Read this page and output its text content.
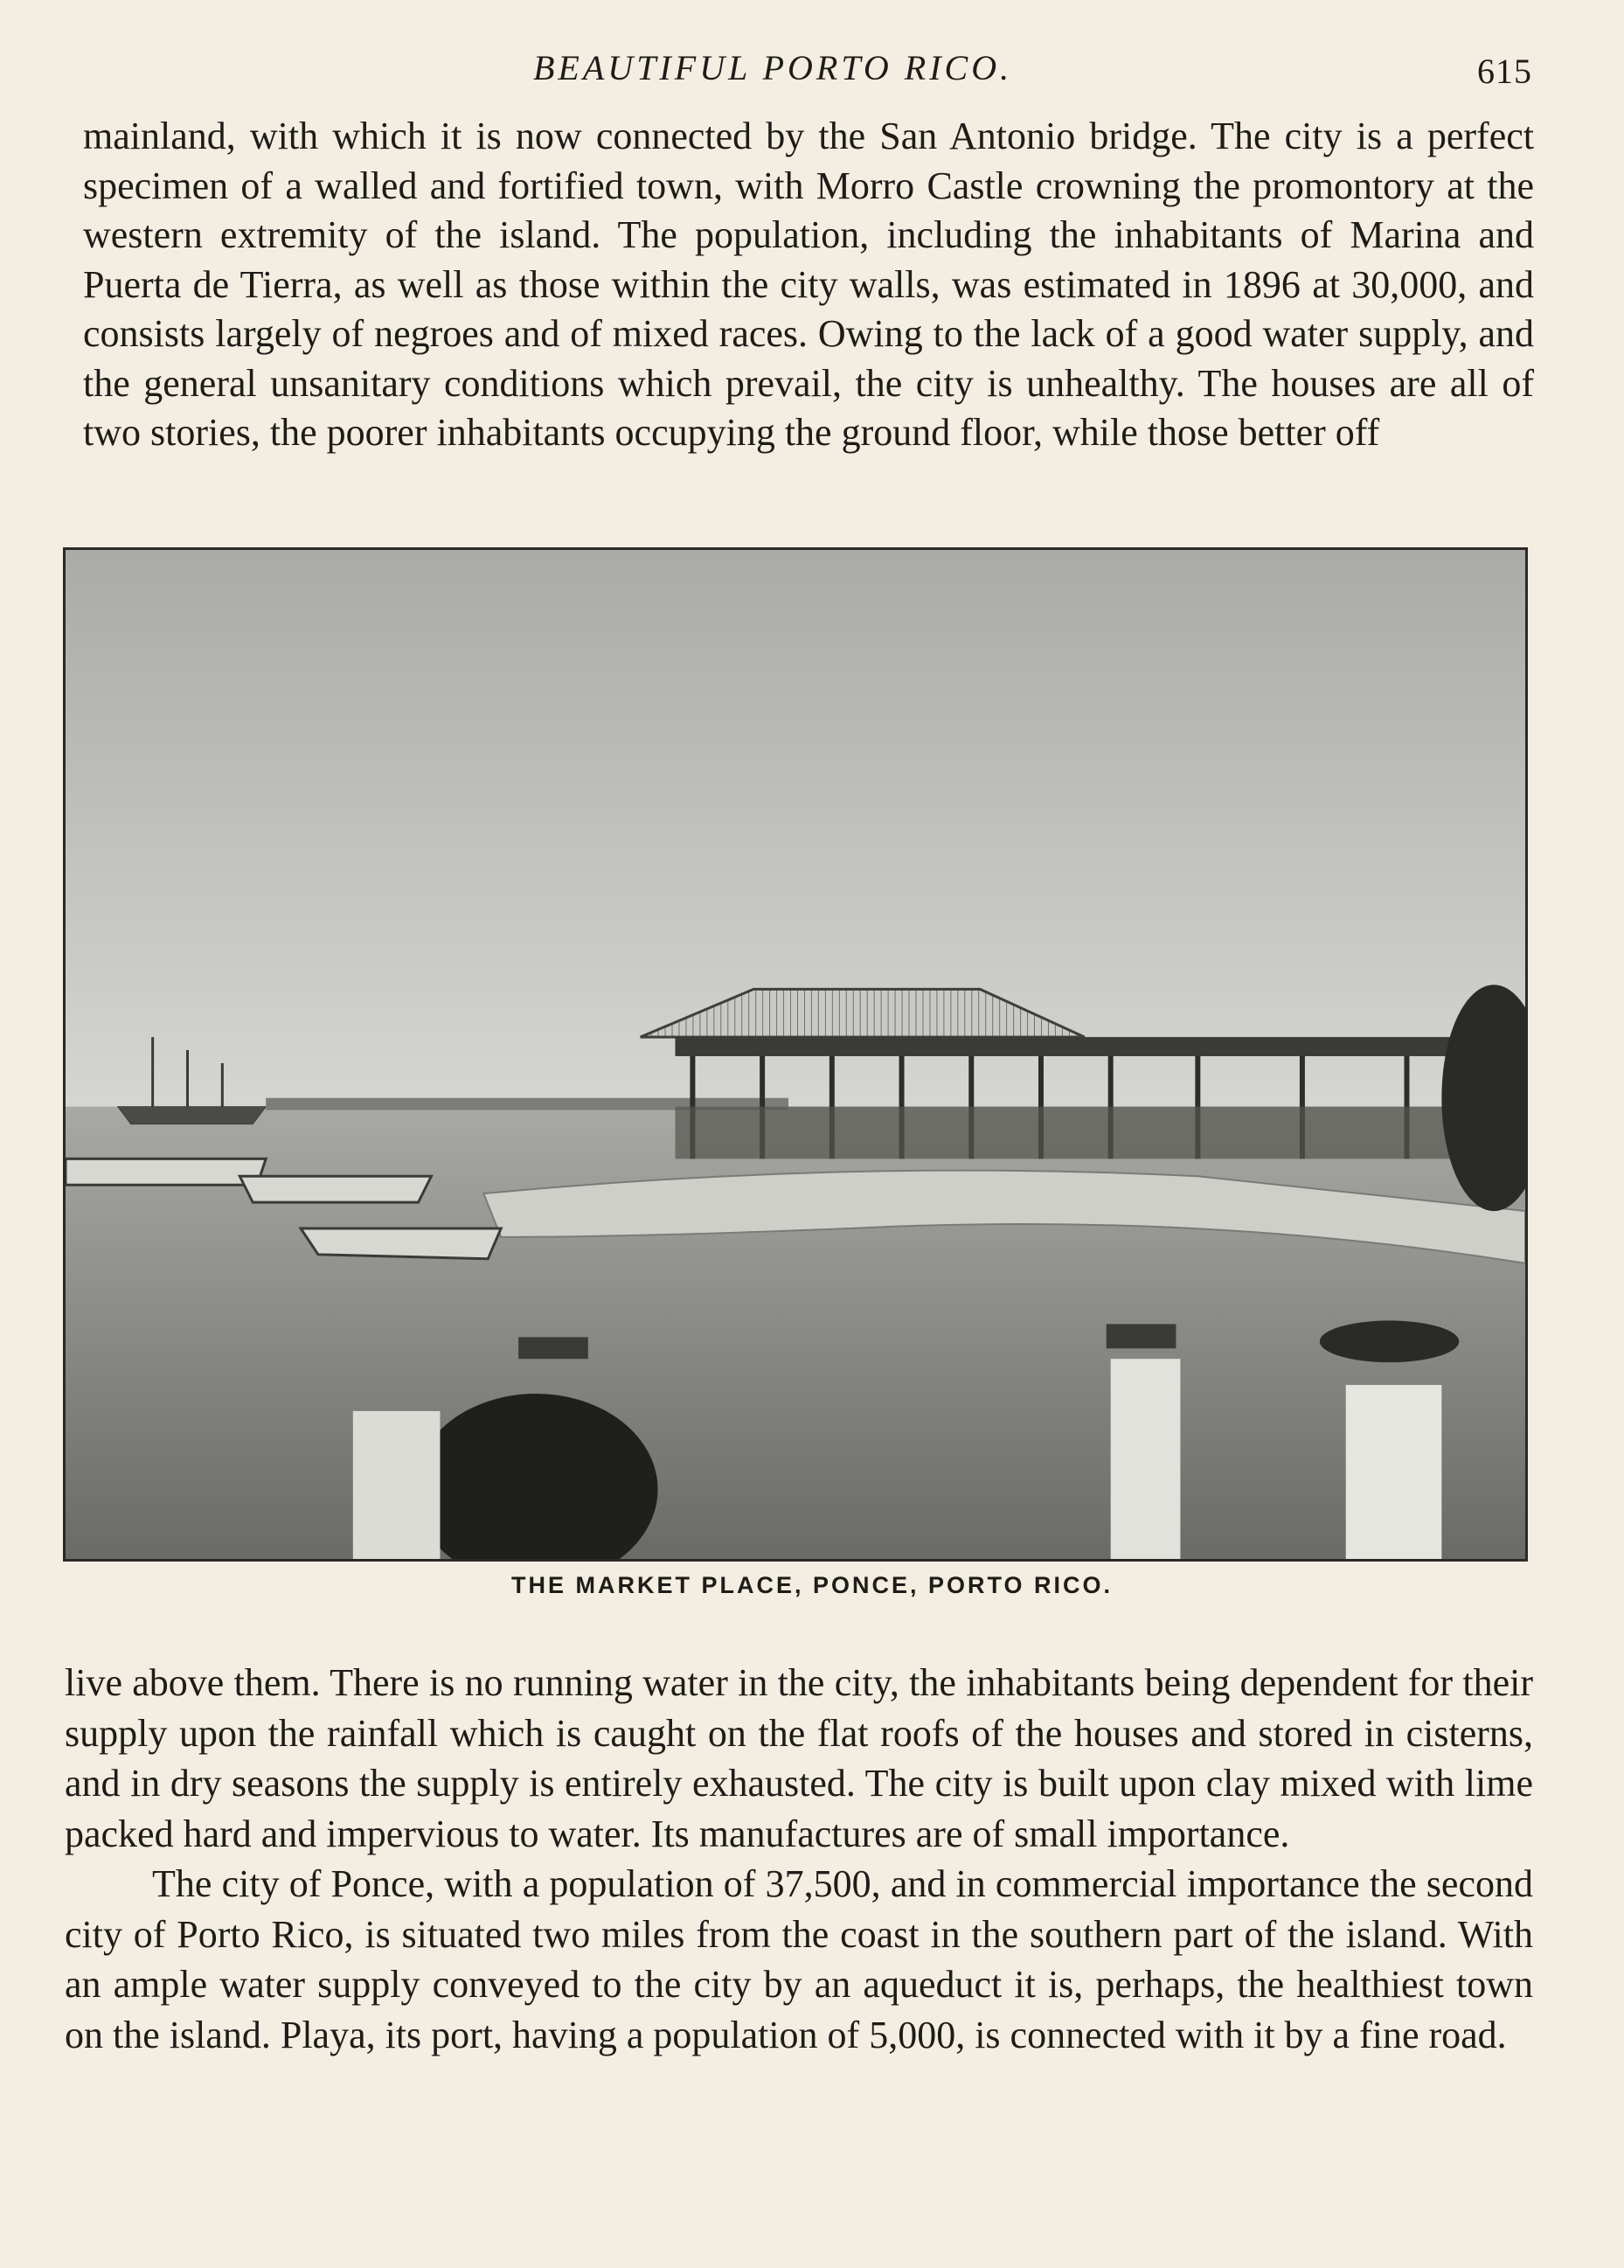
BEAUTIFUL PORTO RICO.	615

mainland, with which it is now connected by the San Antonio bridge. The city is a perfect specimen of a walled and fortified town, with Morro Castle crowning the promontory at the western extremity of the island. The population, including the inhabitants of Marina and Puerta de Tierra, as well as those within the city walls, was estimated in 1896 at 30,000, and consists largely of negroes and of mixed races. Owing to the lack of a good water supply, and the general unsanitary conditions which prevail, the city is unhealthy. The houses are all of two stories, the poorer inhabitants occupying the ground floor, while those better off

THE MARKET PLACE, PONCE, PORTO RICO.

live above them. There is no running water in the city, the inhabitants being dependent for their supply upon the rainfall which is caught on the flat roofs of the houses and stored in cisterns, and in dry seasons the supply is entirely exhausted. The city is built upon clay mixed with lime packed hard and impervious to water. Its manufactures are of small importance.

The city of Ponce, with a population of 37,500, and in commercial importance the second city of Porto Rico, is situated two miles from the coast in the southern part of the island. With an ample water supply conveyed to the city by an aqueduct it is, perhaps, the healthiest town on the island. Playa, its port, having a population of 5,000, is connected with it by a fine road.
